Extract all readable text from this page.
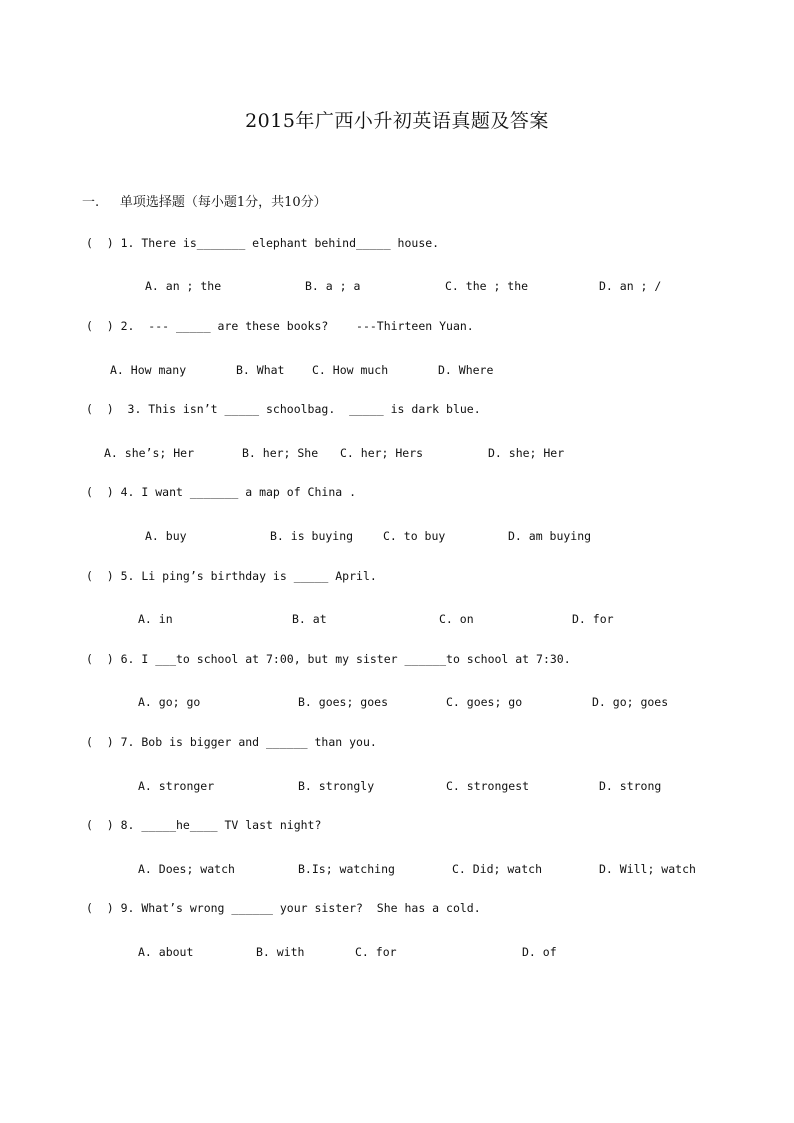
2015年广西小升初英语真题及答案
一. 单项选择题（每小题1分，共10分）
(  ) 1. There is_______ elephant behind_____ house.
A. an ; the	B. a ; a	C. the ; the	D. an ; /
(  ) 2.  --- _____ are these books?    ---Thirteen Yuan.
A. How many	B. What C. How much	D. Where
(  )  3. This isn’t _____ schoolbag.  _____ is dark blue.
A. she’s; Her	B. her; She C. her; Hers	D. she; Her
(  ) 4. I want _______ a map of China .
A. buy	B. is buying	C. to buy	D. am buying
(  ) 5. Li ping’s birthday is _____ April.
A. in	B. at	C. on	D. for
(  ) 6. I ___to school at 7:00, but my sister ______to school at 7:30.
A. go; go	B. goes; goes	C. goes; go	D. go; goes
(  ) 7. Bob is bigger and ______ than you.
A. stronger	B. strongly	C. strongest	D. strong
(  ) 8. _____he____ TV last night?
A. Does; watch	B.Is; watching	C. Did; watch	D. Will; watch
(  ) 9. What’s wrong ______ your sister?  She has a cold.
A. about	B. with	C. for	D. of
